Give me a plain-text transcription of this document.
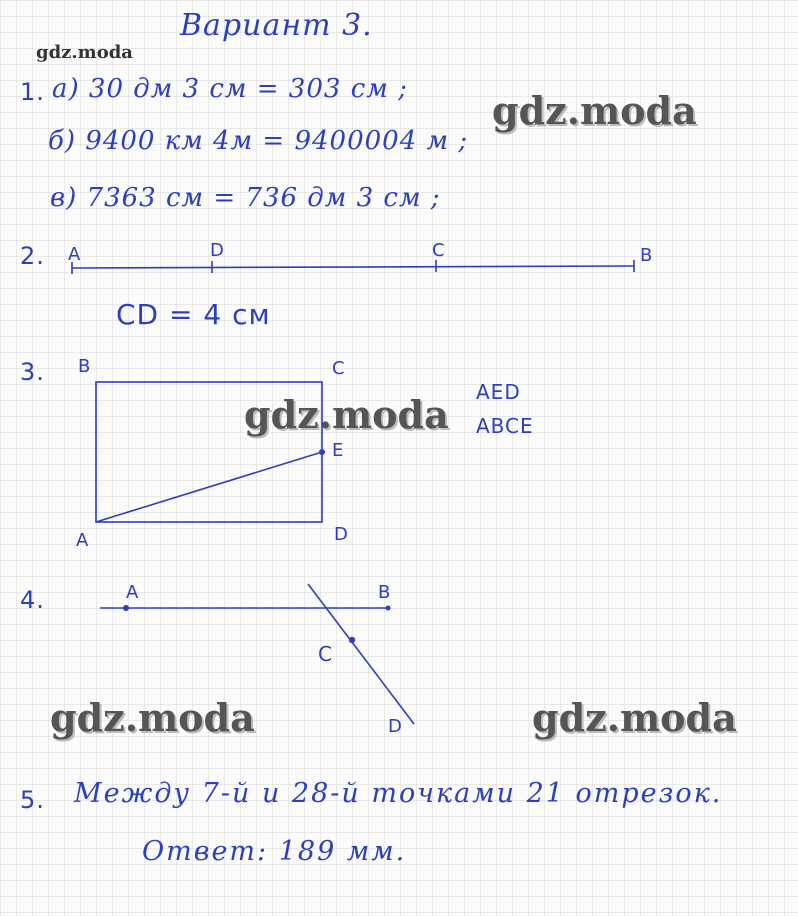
gdz.moda
gdz.moda
gdz.moda
gdz.moda	gdz.moda
Вариант 3.
1. а) 30 дм 3 см = 303 см ;
б) 9400 км 4м = 9400004 м ;
в) 7363 см = 736 дм 3 см ;
2. A	D	C	B
CD = 4 см
3. B	C
E
A	D
AED
ABCE
4.	A	B
C
D
5. Между 7-й и 28-й точками 21 отрезок.
Ответ: 189 мм.
